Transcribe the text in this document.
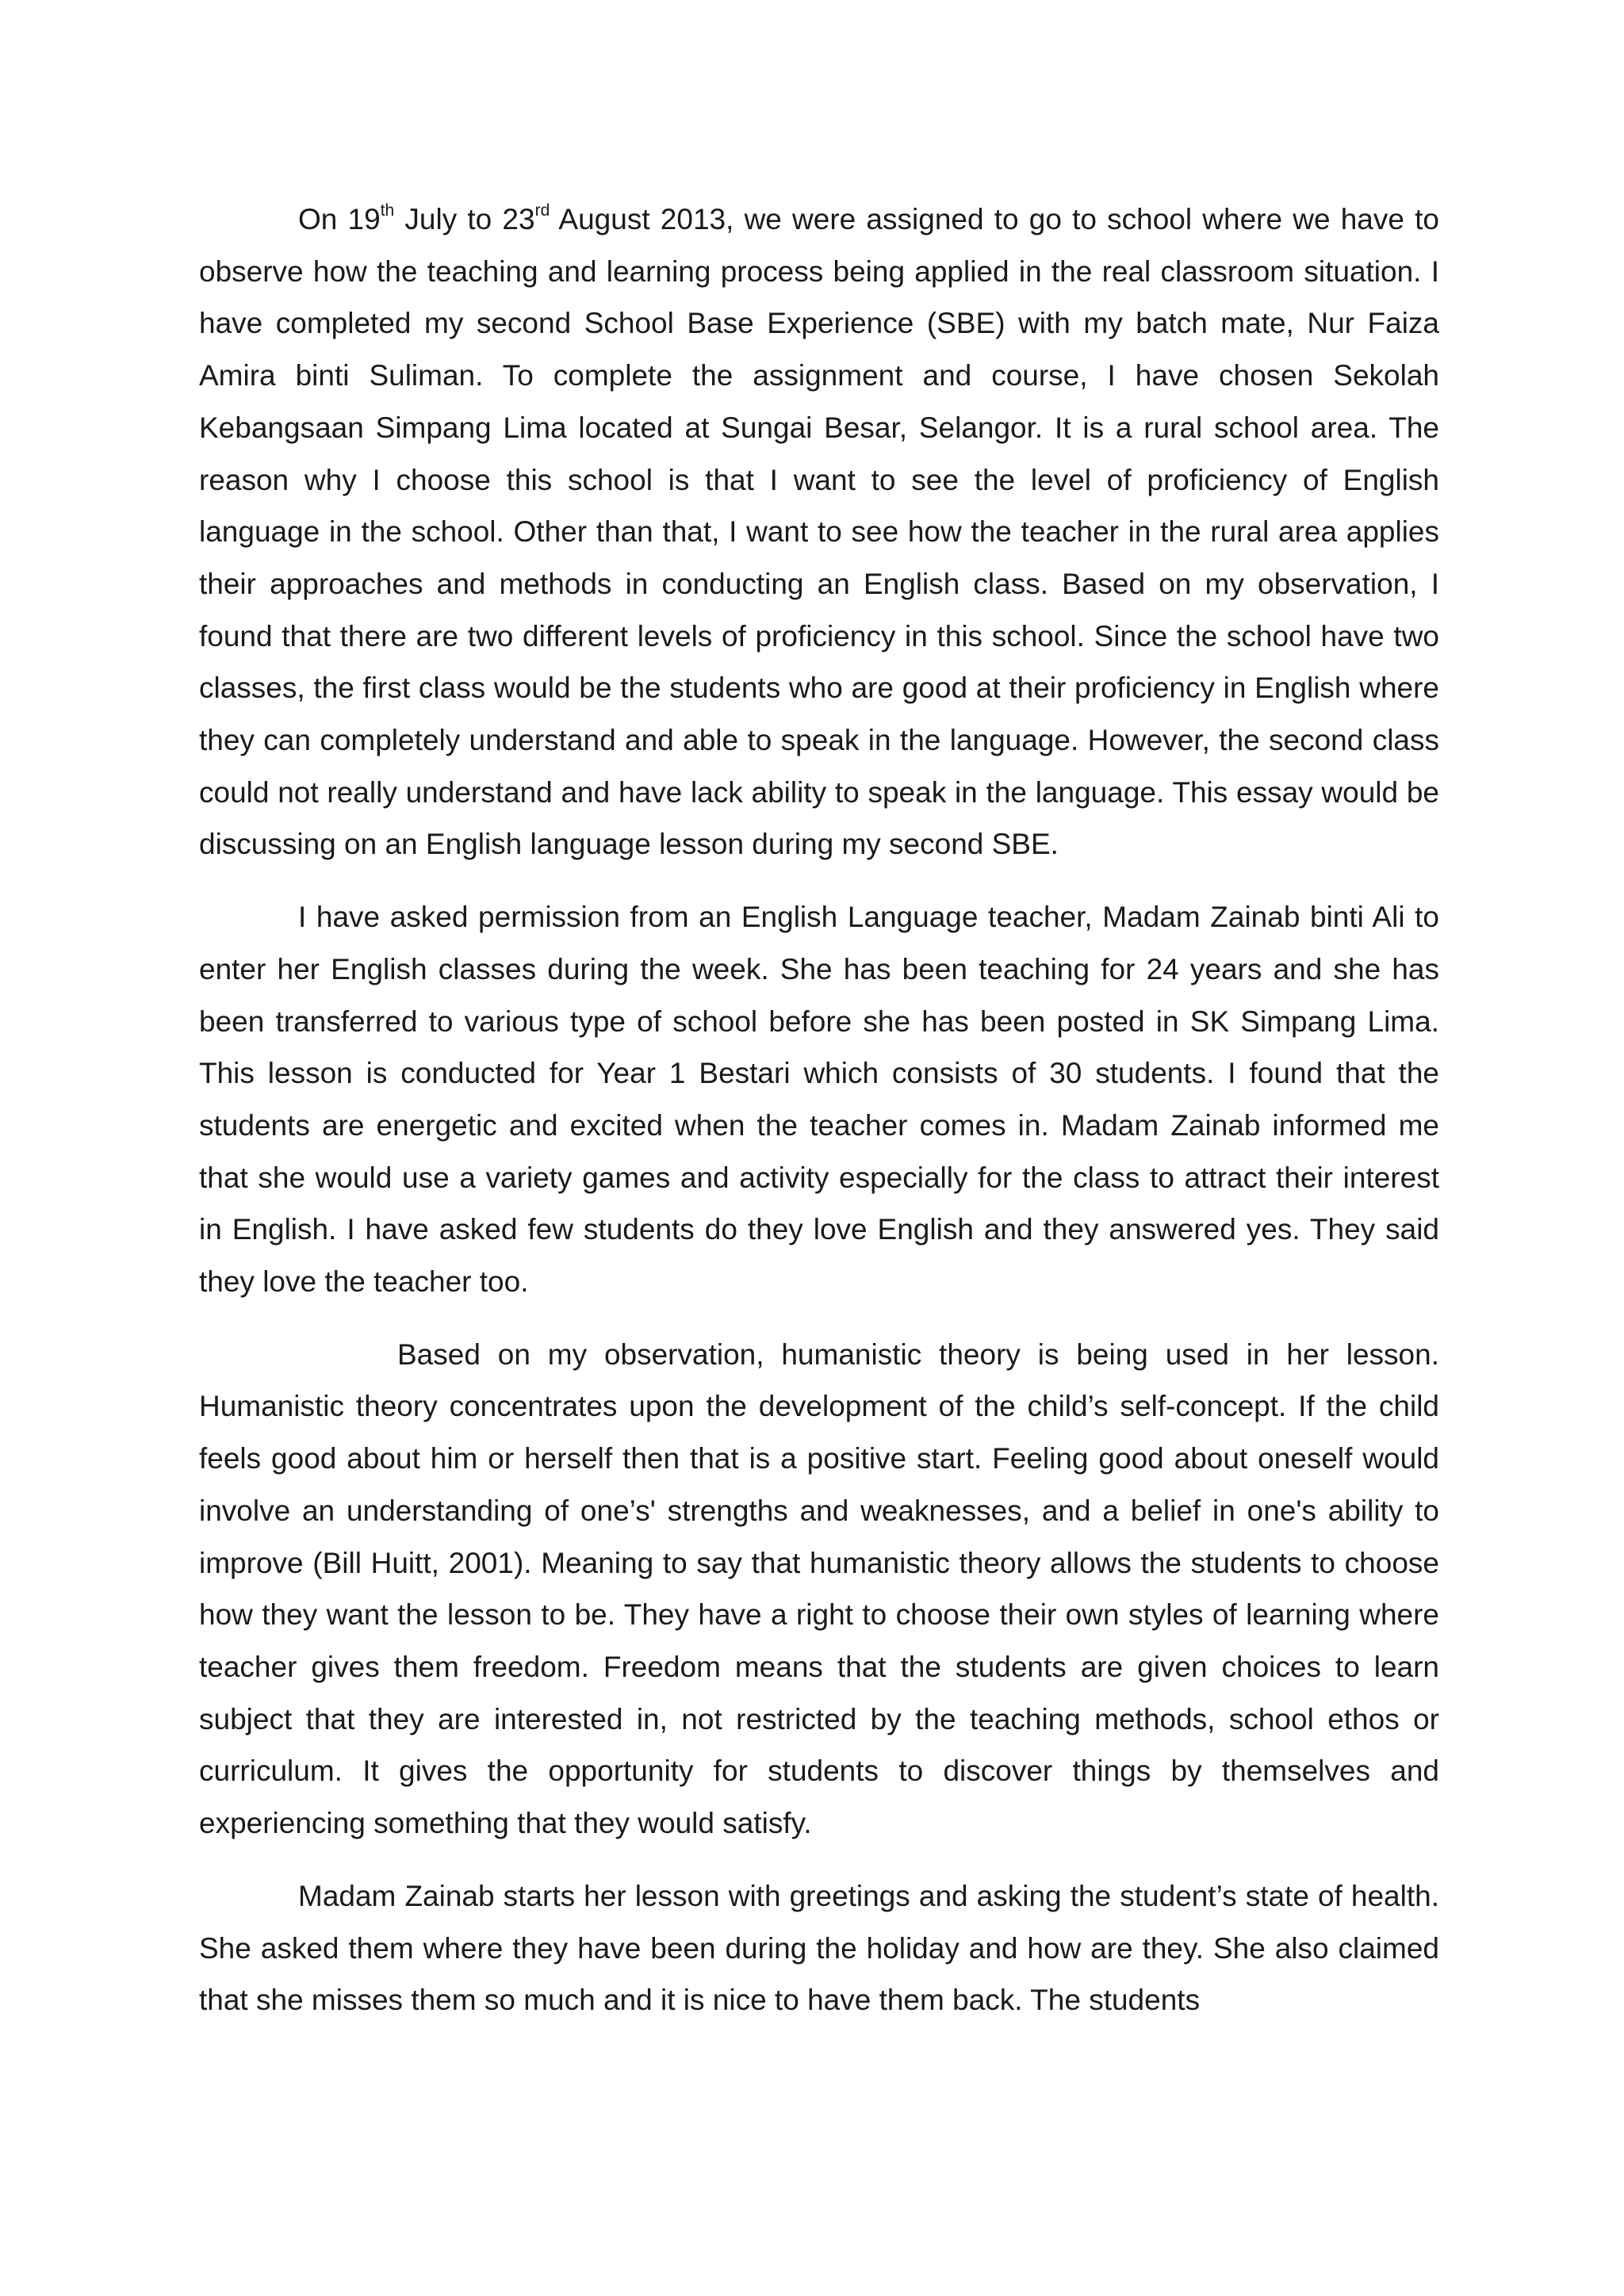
On 19th July to 23rd August 2013, we were assigned to go to school where we have to observe how the teaching and learning process being applied in the real classroom situation. I have completed my second School Base Experience (SBE) with my batch mate, Nur Faiza Amira binti Suliman. To complete the assignment and course, I have chosen Sekolah Kebangsaan Simpang Lima located at Sungai Besar, Selangor. It is a rural school area. The reason why I choose this school is that I want to see the level of proficiency of English language in the school. Other than that, I want to see how the teacher in the rural area applies their approaches and methods in conducting an English class. Based on my observation, I found that there are two different levels of proficiency in this school. Since the school have two classes, the first class would be the students who are good at their proficiency in English where they can completely understand and able to speak in the language. However, the second class could not really understand and have lack ability to speak in the language. This essay would be discussing on an English language lesson during my second SBE.

I have asked permission from an English Language teacher, Madam Zainab binti Ali to enter her English classes during the week. She has been teaching for 24 years and she has been transferred to various type of school before she has been posted in SK Simpang Lima. This lesson is conducted for Year 1 Bestari which consists of 30 students. I found that the students are energetic and excited when the teacher comes in. Madam Zainab informed me that she would use a variety games and activity especially for the class to attract their interest in English. I have asked few students do they love English and they answered yes. They said they love the teacher too.

Based on my observation, humanistic theory is being used in her lesson. Humanistic theory concentrates upon the development of the child’s self-concept. If the child feels good about him or herself then that is a positive start. Feeling good about oneself would involve an understanding of one’s' strengths and weaknesses, and a belief in one's ability to improve (Bill Huitt, 2001). Meaning to say that humanistic theory allows the students to choose how they want the lesson to be. They have a right to choose their own styles of learning where teacher gives them freedom. Freedom means that the students are given choices to learn subject that they are interested in, not restricted by the teaching methods, school ethos or curriculum. It gives the opportunity for students to discover things by themselves and experiencing something that they would satisfy.

Madam Zainab starts her lesson with greetings and asking the student’s state of health. She asked them where they have been during the holiday and how are they. She also claimed that she misses them so much and it is nice to have them back. The students
